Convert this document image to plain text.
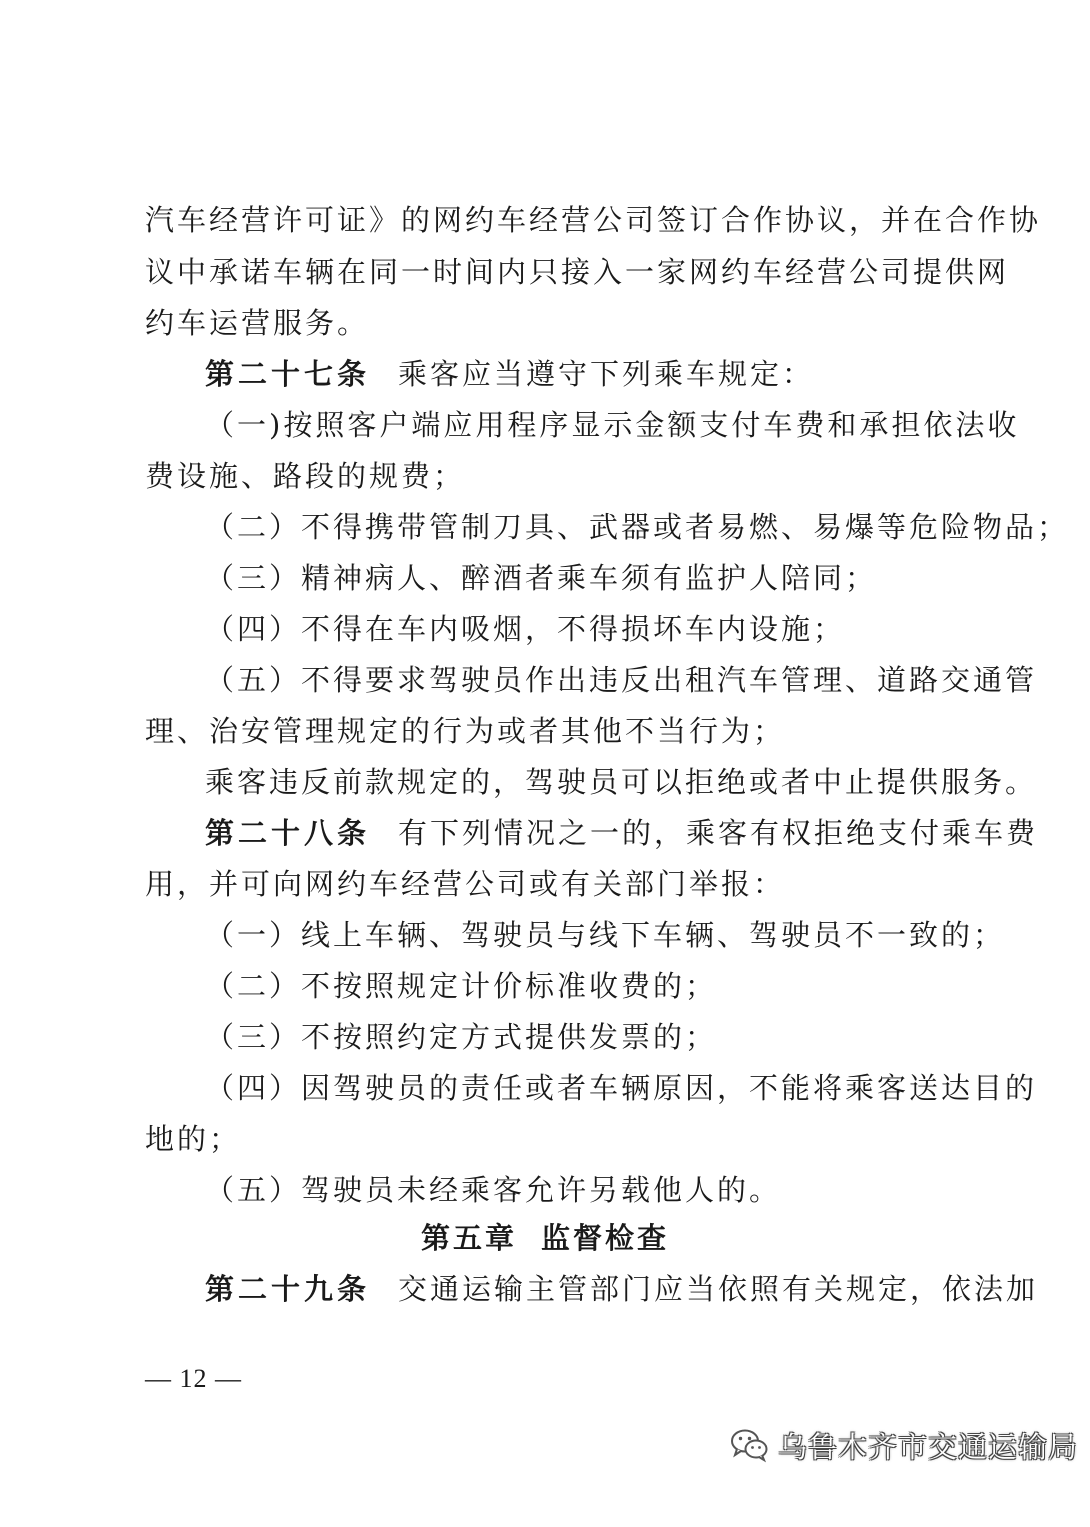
汽车经营许可证》的网约车经营公司签订合作协议，并在合作协
议中承诺车辆在同一时间内只接入一家网约车经营公司提供网
约车运营服务。
第二十七条 乘客应当遵守下列乘车规定：
（一)按照客户端应用程序显示金额支付车费和承担依法收
费设施、路段的规费；
（二）不得携带管制刀具、武器或者易燃、易爆等危险物品；
（三）精神病人、醉酒者乘车须有监护人陪同；
（四）不得在车内吸烟，不得损坏车内设施；
（五）不得要求驾驶员作出违反出租汽车管理、道路交通管
理、治安管理规定的行为或者其他不当行为；
乘客违反前款规定的，驾驶员可以拒绝或者中止提供服务。
第二十八条 有下列情况之一的，乘客有权拒绝支付乘车费
用，并可向网约车经营公司或有关部门举报：
（一）线上车辆、驾驶员与线下车辆、驾驶员不一致的；
（二）不按照规定计价标准收费的；
（三）不按照约定方式提供发票的；
（四）因驾驶员的责任或者车辆原因，不能将乘客送达目的
地的；
（五）驾驶员未经乘客允许另载他人的。
第五章 监督检查
第二十九条 交通运输主管部门应当依照有关规定，依法加
— 12 —
乌鲁木齐市交通运输局
